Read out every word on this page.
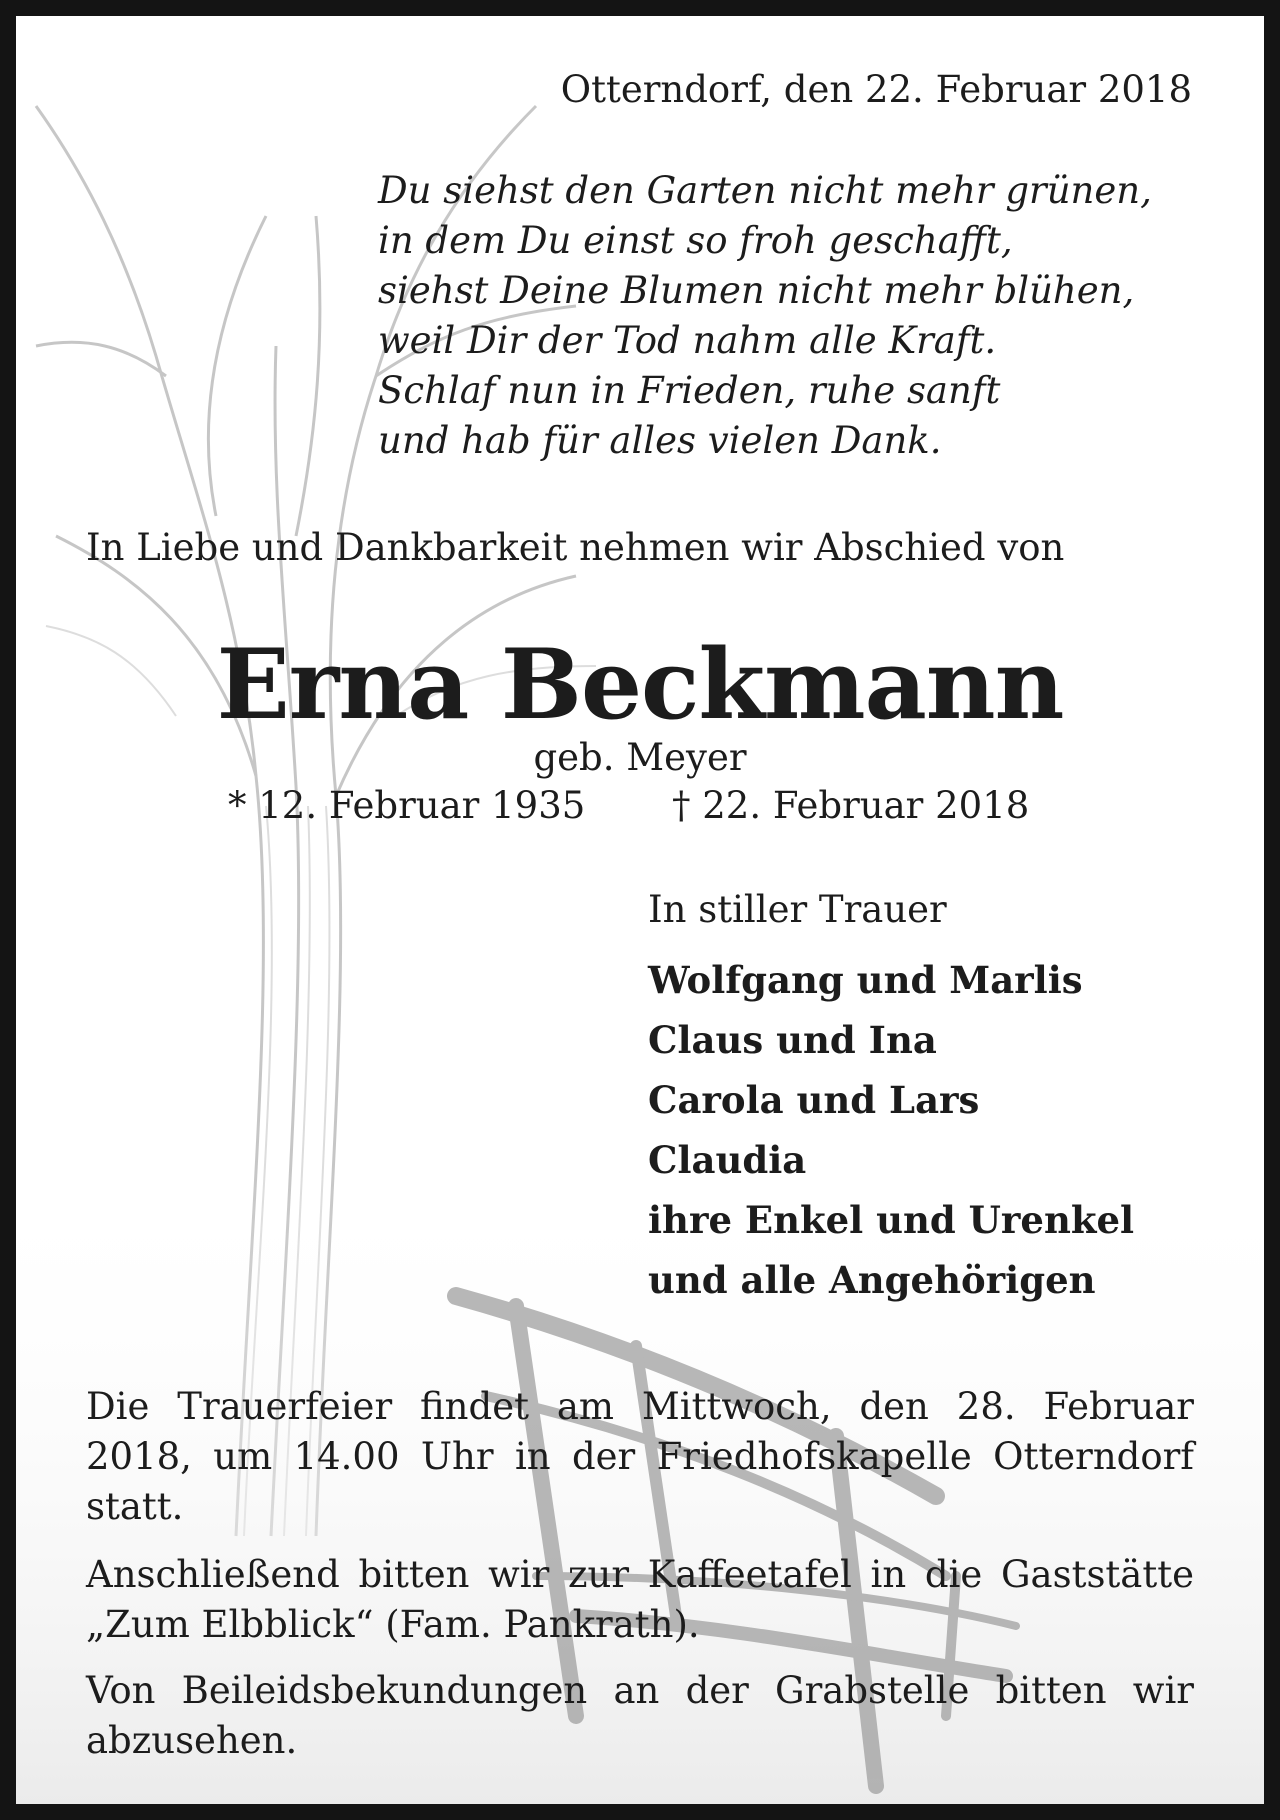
Otterndorf, den 22. Februar 2018

Du siehst den Garten nicht mehr grünen,
in dem Du einst so froh geschafft,
siehst Deine Blumen nicht mehr blühen,
weil Dir der Tod nahm alle Kraft.
Schlaf nun in Frieden, ruhe sanft
und hab für alles vielen Dank.

In Liebe und Dankbarkeit nehmen wir Abschied von

Erna Beckmann

geb. Meyer

* 12. Februar 1935 † 22. Februar 2018

In stiller Trauer

Wolfgang und Marlis
Claus und Ina
Carola und Lars
Claudia
ihre Enkel und Urenkel
und alle Angehörigen

Die Trauerfeier findet am Mittwoch, den 28. Februar 2018, um 14.00 Uhr in der Friedhofskapelle Otterndorf statt.

Anschließend bitten wir zur Kaffeetafel in die Gaststätte „Zum Elbblick“ (Fam. Pankrath).

Von Beileidsbekundungen an der Grabstelle bitten wir abzusehen.
